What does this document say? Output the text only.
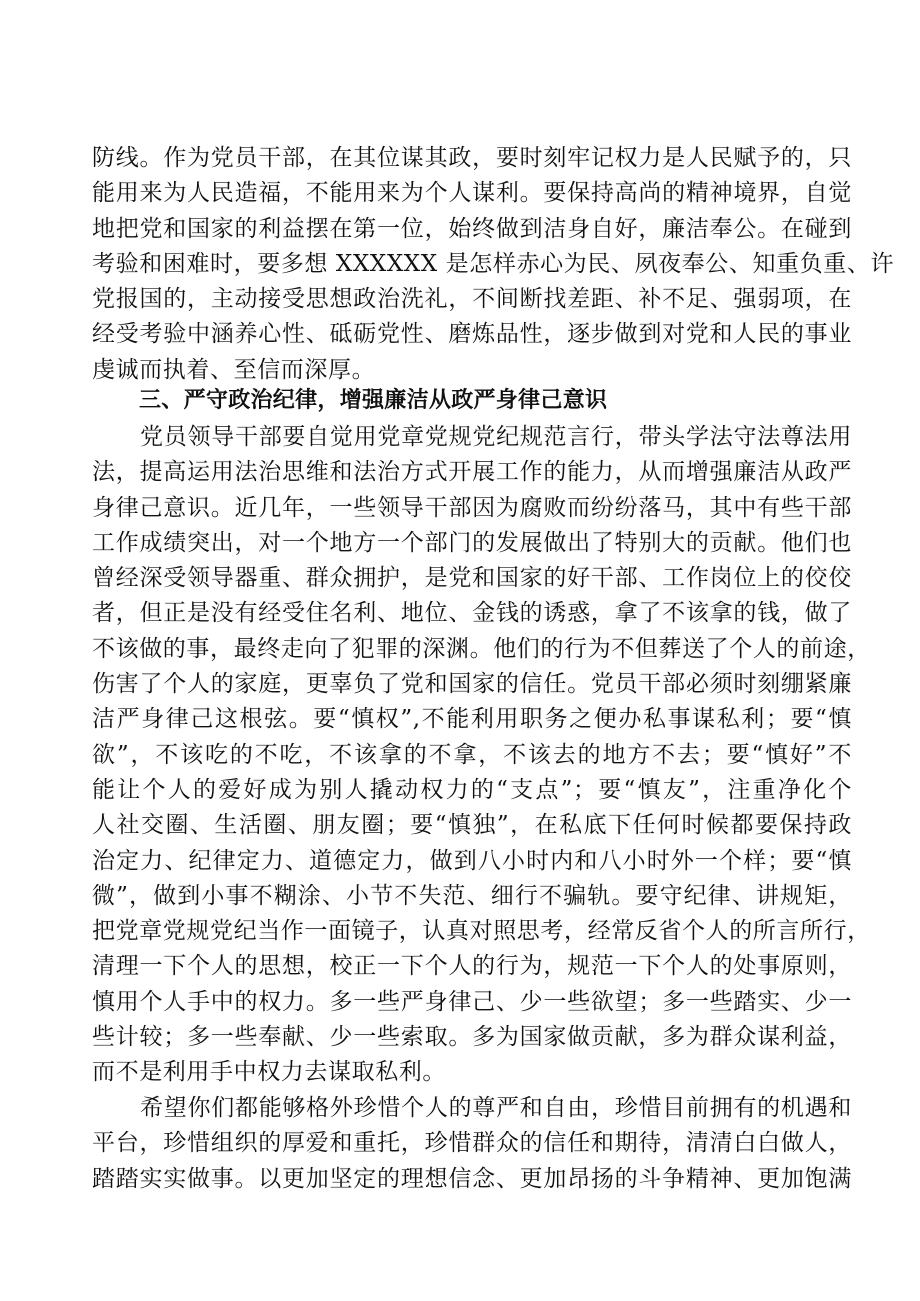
防线。作为党员干部，在其位谋其政，要时刻牢记权力是人民赋予的，只
能用来为人民造福，不能用来为个人谋利。要保持高尚的精神境界，自觉
地把党和国家的利益摆在第一位，始终做到洁身自好，廉洁奉公。在碰到
考验和困难时，要多想 XXXXXX 是怎样赤心为民、夙夜奉公、知重负重、许
党报国的，主动接受思想政治洗礼，不间断找差距、补不足、强弱项，在
经受考验中涵养心性、砥砺党性、磨炼品性，逐步做到对党和人民的事业
虔诚而执着、至信而深厚。
三、严守政治纪律，增强廉洁从政严身律己意识
党员领导干部要自觉用党章党规党纪规范言行，带头学法守法尊法用
法，提高运用法治思维和法治方式开展工作的能力，从而增强廉洁从政严
身律己意识。近几年，一些领导干部因为腐败而纷纷落马，其中有些干部
工作成绩突出，对一个地方一个部门的发展做出了特别大的贡献。他们也
曾经深受领导器重、群众拥护，是党和国家的好干部、工作岗位上的佼佼
者，但正是没有经受住名利、地位、金钱的诱惑，拿了不该拿的钱，做了
不该做的事，最终走向了犯罪的深渊。他们的行为不但葬送了个人的前途，
伤害了个人的家庭，更辜负了党和国家的信任。党员干部必须时刻绷紧廉
洁严身律己这根弦。要“慎权”,不能利用职务之便办私事谋私利；要“慎
欲”，不该吃的不吃，不该拿的不拿，不该去的地方不去；要“慎好”不
能让个人的爱好成为别人撬动权力的“支点”；要“慎友”，注重净化个
人社交圈、生活圈、朋友圈；要“慎独”，在私底下任何时候都要保持政
治定力、纪律定力、道德定力，做到八小时内和八小时外一个样；要“慎
微”，做到小事不糊涂、小节不失范、细行不骗轨。要守纪律、讲规矩，
把党章党规党纪当作一面镜子，认真对照思考，经常反省个人的所言所行，
清理一下个人的思想，校正一下个人的行为，规范一下个人的处事原则，
慎用个人手中的权力。多一些严身律己、少一些欲望；多一些踏实、少一
些计较；多一些奉献、少一些索取。多为国家做贡献，多为群众谋利益，
而不是利用手中权力去谋取私利。
希望你们都能够格外珍惜个人的尊严和自由，珍惜目前拥有的机遇和
平台，珍惜组织的厚爱和重托，珍惜群众的信任和期待，清清白白做人，
踏踏实实做事。以更加坚定的理想信念、更加昂扬的斗争精神、更加饱满
